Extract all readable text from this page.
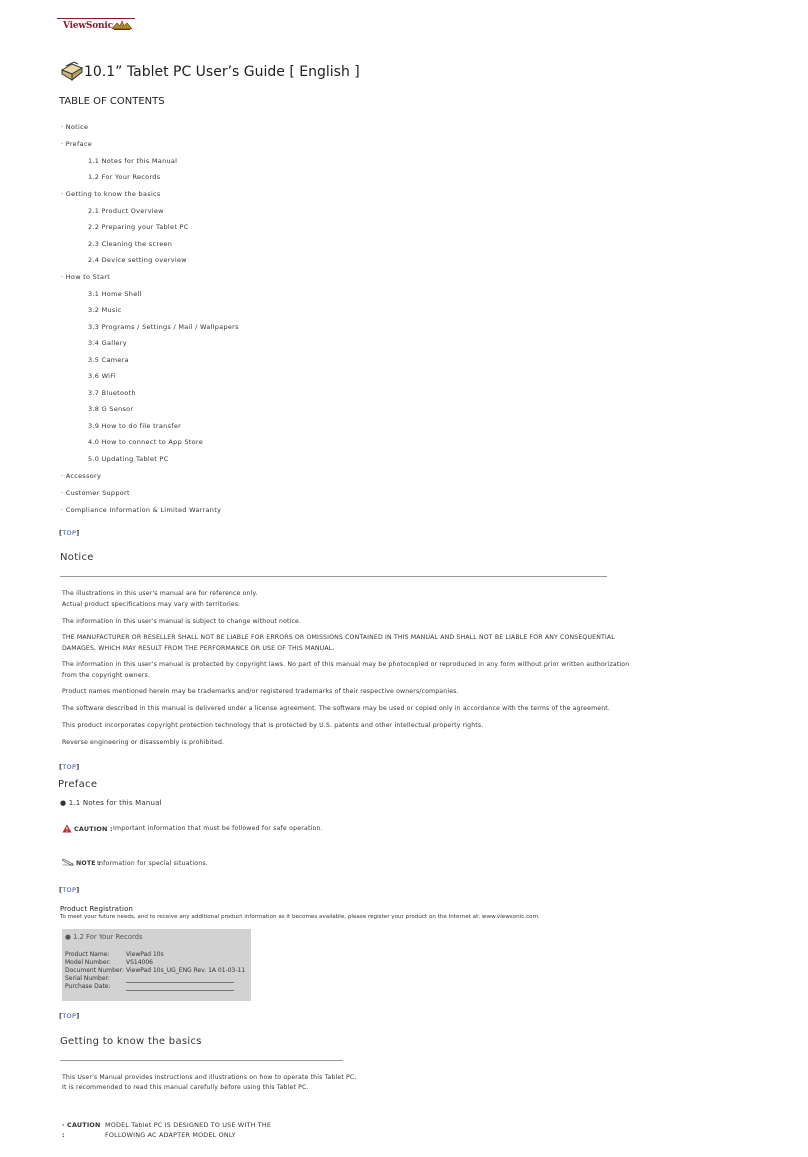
ViewSonic
10.1” Tablet PC User’s Guide [ English ]
TABLE OF CONTENTS
· Notice
· Preface
1.1 Notes for this Manual
1.2 For Your Records
· Getting to know the basics
2.1 Product Overview
2.2 Preparing your Tablet PC
2.3 Cleaning the screen
2.4 Device setting overview
· How to Start
3.1 Home Shell
3.2 Music
3.3 Programs / Settings / Mail / Wallpapers
3.4 Gallery
3.5 Camera
3.6 WiFi
3.7 Bluetooth
3.8 G Sensor
3.9 How to do file transfer
4.0 How to connect to App Store
5.0 Updating Tablet PC
· Accessory
· Customer Support
· Compliance Information & Limited Warranty
[TOP]
Notice
The illustrations in this user's manual are for reference only.
Actual product specifications may vary with territories.
The information in this user's manual is subject to change without notice.
THE MANUFACTURER OR RESELLER SHALL NOT BE LIABLE FOR ERRORS OR OMISSIONS CONTAINED IN THIS MANUAL AND SHALL NOT BE LIABLE FOR ANY CONSEQUENTIAL
DAMAGES, WHICH MAY RESULT FROM THE PERFORMANCE OR USE OF THIS MANUAL.
The information in this user's manual is protected by copyright laws. No part of this manual may be photocopied or reproduced in any form without prior written authorization
from the copyright owners.
Product names mentioned herein may be trademarks and/or registered trademarks of their respective owners/companies.
The software described in this manual is delivered under a license agreement. The software may be used or copied only in accordance with the terms of the agreement.
This product incorporates copyright protection technology that is protected by U.S. patents and other intellectual property rights.
Reverse engineering or disassembly is prohibited.
[TOP]
Preface
● 1.1 Notes for this Manual
CAUTION : Important information that must be followed for safe operation.
NOTE :
Information for special situations.
[TOP]
Product Registration
To meet your future needs, and to receive any additional product information as it becomes available, please register your product on the Internet at: www.viewsonic.com.
● 1.2 For Your Records
Product Name:	ViewPad 10s
Model Number:	VS14006
Document Number: ViewPad 10s_UG_ENG Rev. 1A 01-03-11
Serial Number:
Purchase Date:
[TOP]
Getting to know the basics
This User's Manual provides instructions and illustrations on how to operate this Tablet PC.
It is recommended to read this manual carefully before using this Tablet PC.
· CAUTION
:
MODEL Tablet PC IS DESIGNED TO USE WITH THE
FOLLOWING AC ADAPTER MODEL ONLY
